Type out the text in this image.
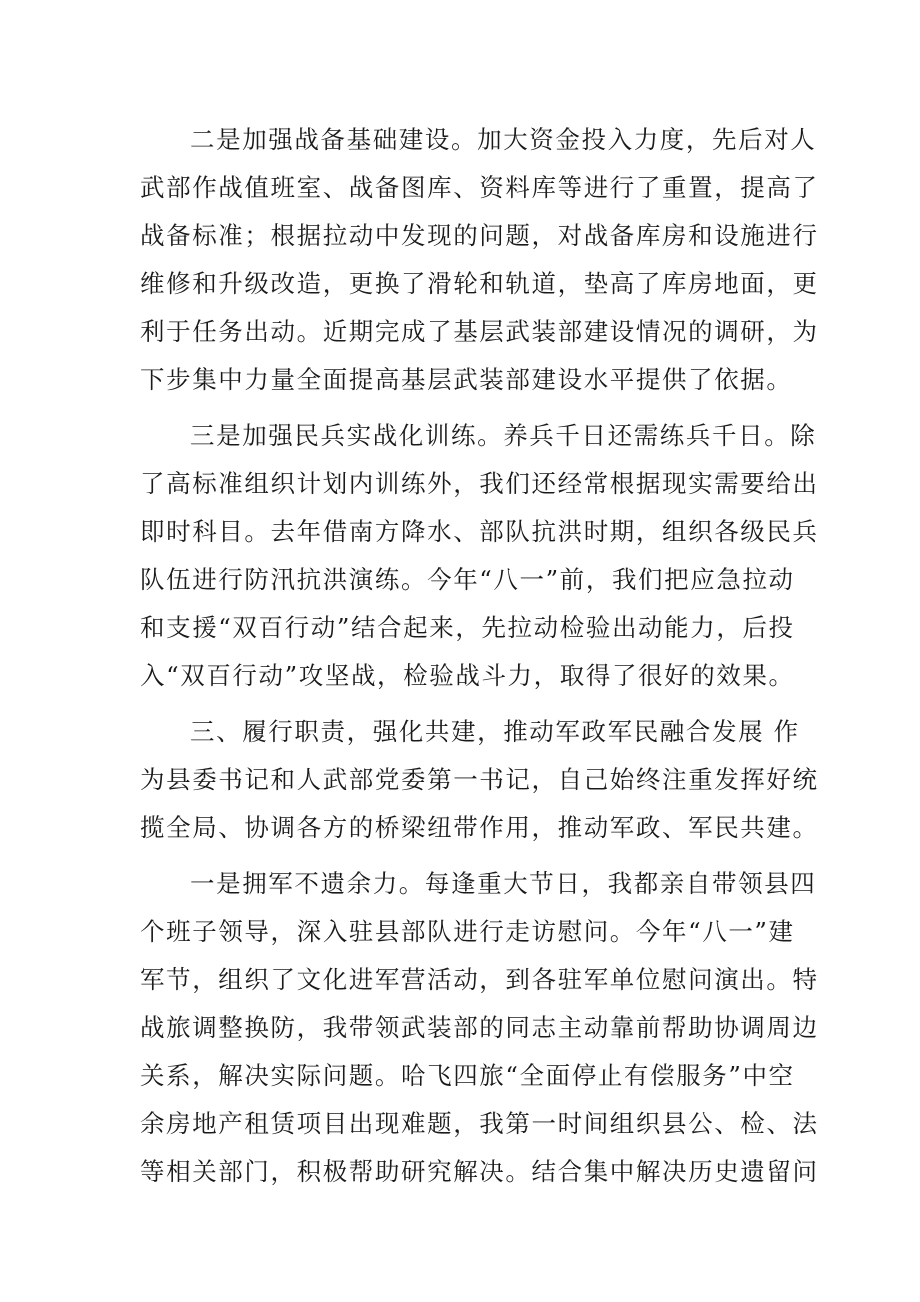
二是加强战备基础建设。加大资金投入力度，先后对人
武部作战值班室、战备图库、资料库等进行了重置，提高了
战备标准；根据拉动中发现的问题，对战备库房和设施进行
维修和升级改造，更换了滑轮和轨道，垫高了库房地面，更
利于任务出动。近期完成了基层武装部建设情况的调研，为
下步集中力量全面提高基层武装部建设水平提供了依据。
三是加强民兵实战化训练。养兵千日还需练兵千日。除
了高标准组织计划内训练外，我们还经常根据现实需要给出
即时科目。去年借南方降水、部队抗洪时期，组织各级民兵
队伍进行防汛抗洪演练。今年“八一”前，我们把应急拉动
和支援“双百行动”结合起来，先拉动检验出动能力，后投
入“双百行动”攻坚战，检验战斗力，取得了很好的效果。
三、履行职责，强化共建，推动军政军民融合发展 作
为县委书记和人武部党委第一书记，自己始终注重发挥好统
揽全局、协调各方的桥梁纽带作用，推动军政、军民共建。
一是拥军不遗余力。每逢重大节日，我都亲自带领县四
个班子领导，深入驻县部队进行走访慰问。今年“八一”建
军节，组织了文化进军营活动，到各驻军单位慰问演出。特
战旅调整换防，我带领武装部的同志主动靠前帮助协调周边
关系，解决实际问题。哈飞四旅“全面停止有偿服务”中空
余房地产租赁项目出现难题，我第一时间组织县公、检、法
等相关部门，积极帮助研究解决。结合集中解决历史遗留问
